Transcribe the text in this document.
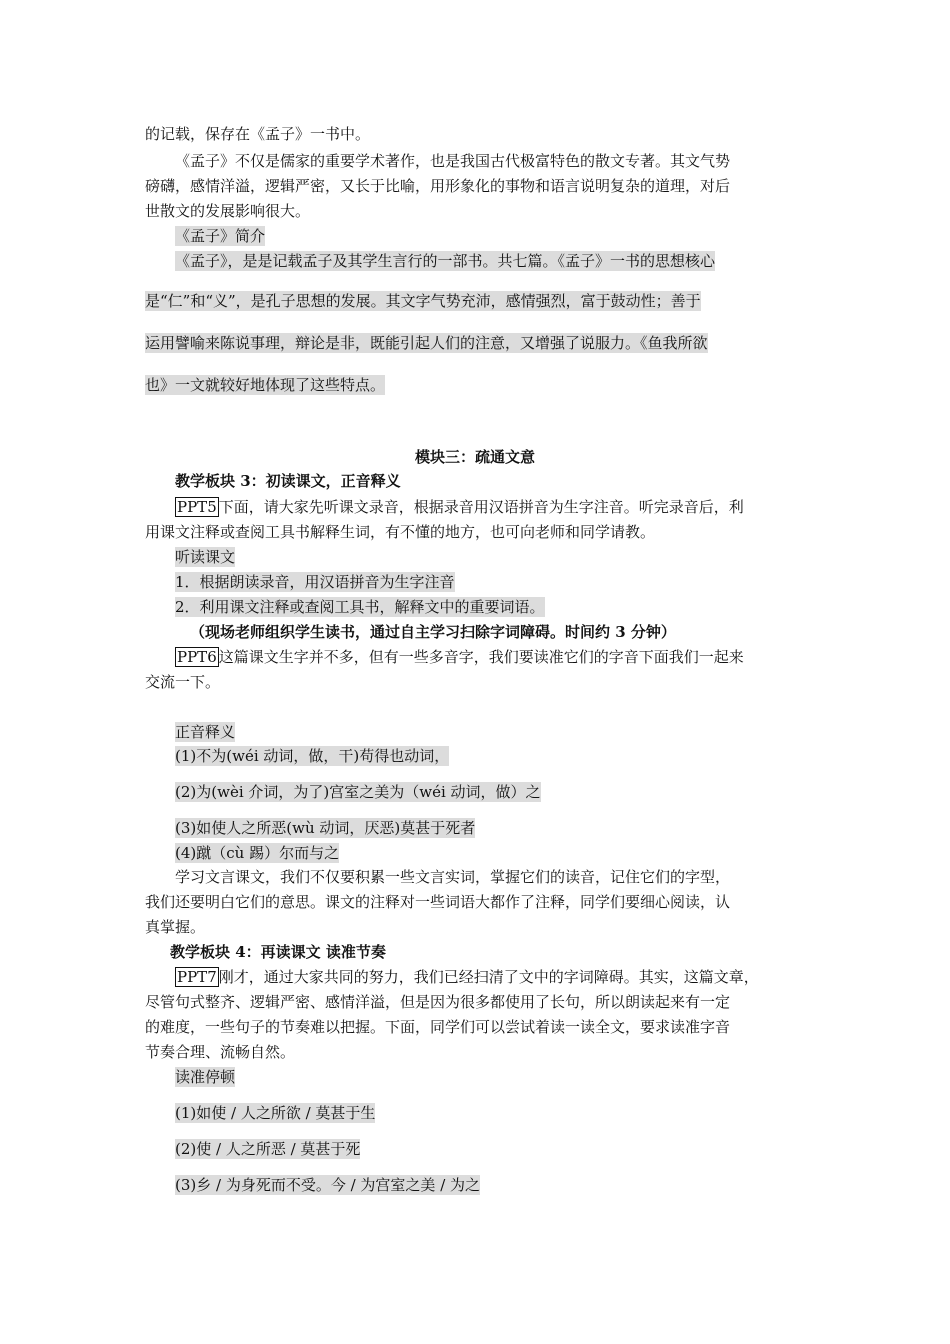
的记载，保存在《孟子》一书中。

《孟子》不仅是儒家的重要学术著作，也是我国古代极富特色的散文专著。其文气势

磅礴，感情洋溢，逻辑严密，又长于比喻，用形象化的事物和语言说明复杂的道理，对后

世散文的发展影响很大。

《孟子》简介

《孟子》，是是记载孟子及其学生言行的一部书。共七篇。《孟子》一书的思想核心

是“仁”和“义”，是孔子思想的发展。其文字气势充沛，感情强烈，富于鼓动性；善于

运用譬喻来陈说事理，辩论是非，既能引起人们的注意，又增强了说服力。《鱼我所欲

也》一文就较好地体现了这些特点。

模块三：疏通文意

教学板块 3：初读课文，正音释义

PPT5 下面，请大家先听课文录音，根据录音用汉语拼音为生字注音。听完录音后，利

用课文注释或查阅工具书解释生词，有不懂的地方，也可向老师和同学请教。

听读课文

1．根据朗读录音，用汉语拼音为生字注音

2．利用课文注释或查阅工具书，解释文中的重要词语。

（现场老师组织学生读书，通过自主学习扫除字词障碍。时间约 3 分钟）

PPT6 这篇课文生字并不多，但有一些多音字，我们要读准它们的字音下面我们一起来

交流一下。

正音释义

(1)不为(wéi 动词，做，干)苟得也动词，

(2)为(wèi 介词，为了)宫室之美为（wéi 动词，做）之

(3)如使人之所恶(wù 动词，厌恶)莫甚于死者

(4)蹴（cù 踢）尔而与之

学习文言课文，我们不仅要积累一些文言实词，掌握它们的读音，记住它们的字型，

我们还要明白它们的意思。课文的注释对一些词语大都作了注释，同学们要细心阅读，认

真掌握。

教学板块 4：再读课文 读准节奏

PPT7 刚才，通过大家共同的努力，我们已经扫清了文中的字词障碍。其实，这篇文章，

尽管句式整齐、逻辑严密、感情洋溢，但是因为很多都使用了长句，所以朗读起来有一定

的难度，一些句子的节奏难以把握。下面，同学们可以尝试着读一读全文，要求读准字音

节奏合理、流畅自然。

读准停顿

(1)如使 / 人之所欲 / 莫甚于生

(2)使 / 人之所恶 / 莫甚于死

(3)乡 / 为身死而不受。今 / 为宫室之美 / 为之
